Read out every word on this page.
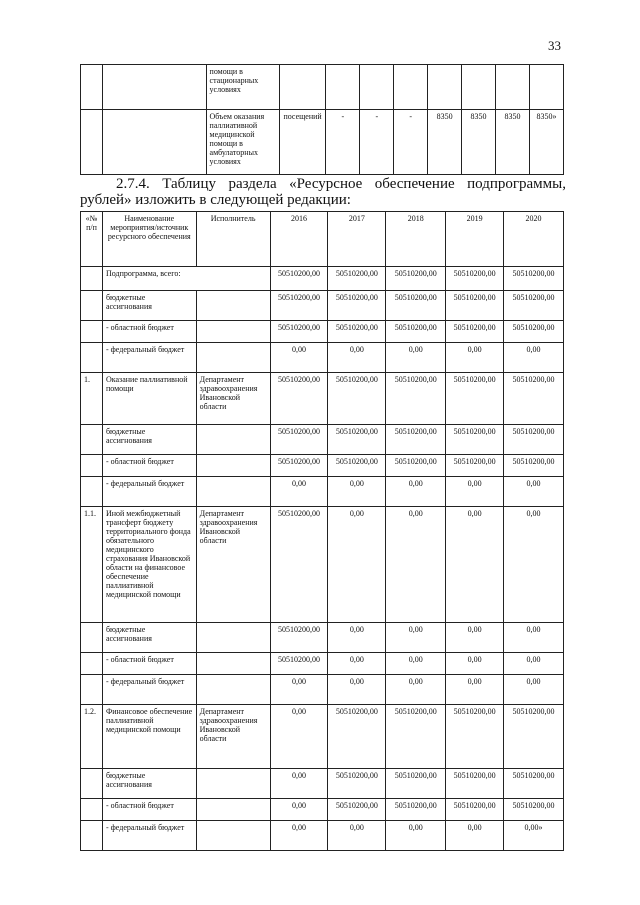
33
		помощи в стационарных условиях								
		Объем оказания паллиативной медицинской помощи в амбулаторных условиях	посещений	-	-	-	8350	8350	8350	8350»
2.7.4. Таблицу раздела «Ресурсное обеспечение подпрограммы,
рублей» изложить в следующей редакции:
«№ п/п	Наименование мероприятия/источник ресурсного обеспечения	Исполнитель	2016	2017	2018	2019	2020
	Подпрограмма, всего:		50510200,00	50510200,00	50510200,00	50510200,00	50510200,00
	бюджетные ассигнования		50510200,00	50510200,00	50510200,00	50510200,00	50510200,00
	- областной бюджет		50510200,00	50510200,00	50510200,00	50510200,00	50510200,00
	- федеральный бюджет		0,00	0,00	0,00	0,00	0,00
1.	Оказание паллиативной помощи	Департамент здравоохранения Ивановской области	50510200,00	50510200,00	50510200,00	50510200,00	50510200,00
	бюджетные ассигнования		50510200,00	50510200,00	50510200,00	50510200,00	50510200,00
	- областной бюджет		50510200,00	50510200,00	50510200,00	50510200,00	50510200,00
	- федеральный бюджет		0,00	0,00	0,00	0,00	0,00
1.1.	Иной межбюджетный трансферт бюджету территориального фонда обязательного медицинского страхования Ивановской области на финансовое обеспечение паллиативной медицинской помощи	Департамент здравоохранения Ивановской области	50510200,00	0,00	0,00	0,00	0,00
	бюджетные ассигнования		50510200,00	0,00	0,00	0,00	0,00
	- областной бюджет		50510200,00	0,00	0,00	0,00	0,00
	- федеральный бюджет		0,00	0,00	0,00	0,00	0,00
1.2.	Финансовое обеспечение паллиативной медицинской помощи	Департамент здравоохранения Ивановской области	0,00	50510200,00	50510200,00	50510200,00	50510200,00
	бюджетные ассигнования		0,00	50510200,00	50510200,00	50510200,00	50510200,00
	- областной бюджет		0,00	50510200,00	50510200,00	50510200,00	50510200,00
	- федеральный бюджет		0,00	0,00	0,00	0,00	0,00»
